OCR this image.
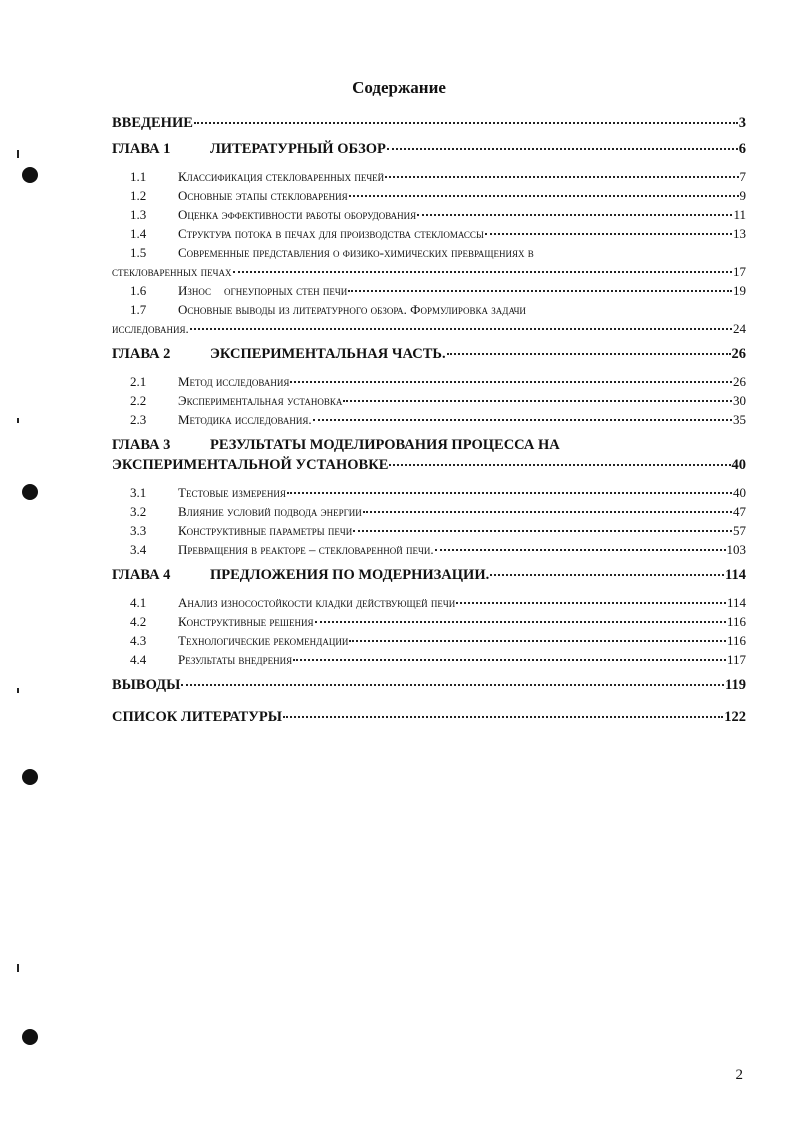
Содержание
ВВЕДЕНИЕ	3
ГЛАВА 1	ЛИТЕРАТУРНЫЙ ОБЗОР	6
1.1 Классификация стекловаренных печей	7
1.2 Основные этапы стекловарения	9
1.3 Оценка эффективности работы оборудования	11
1.4 Структура потока в печах для производства стекломассы	13
1.5 Современные представления о физико-химических превращениях в
стекловаренных печах	17
1.6 Износ    огнеупорных стен печи	19
1.7 Основные выводы из литературного обзора. Формулировка задачи
исследования.	24
ГЛАВА 2	ЭКСПЕРИМЕНТАЛЬНАЯ ЧАСТЬ.	26
2.1 Метод исследования	26
2.2 Экспериментальная установка	30
2.3 Методика исследования.	35
ГЛАВА 3	РЕЗУЛЬТАТЫ МОДЕЛИРОВАНИЯ ПРОЦЕССА НА
ЭКСПЕРИМЕНТАЛЬНОЙ УСТАНОВКЕ	40
3.1 Тестовые измерения	40
3.2 Влияние условий подвода энергии	47
3.3 Конструктивные параметры печи	57
3.4 Превращения в реакторе – стекловаренной печи.	103
ГЛАВА 4	ПРЕДЛОЖЕНИЯ ПО МОДЕРНИЗАЦИИ.	114
4.1 Анализ износостойкости кладки действующей печи	114
4.2 Конструктивные решения	116
4.3 Технологические рекомендации	116
4.4 Результаты внедрения	117
ВЫВОДЫ	119
СПИСОК ЛИТЕРАТУРЫ	122
2
